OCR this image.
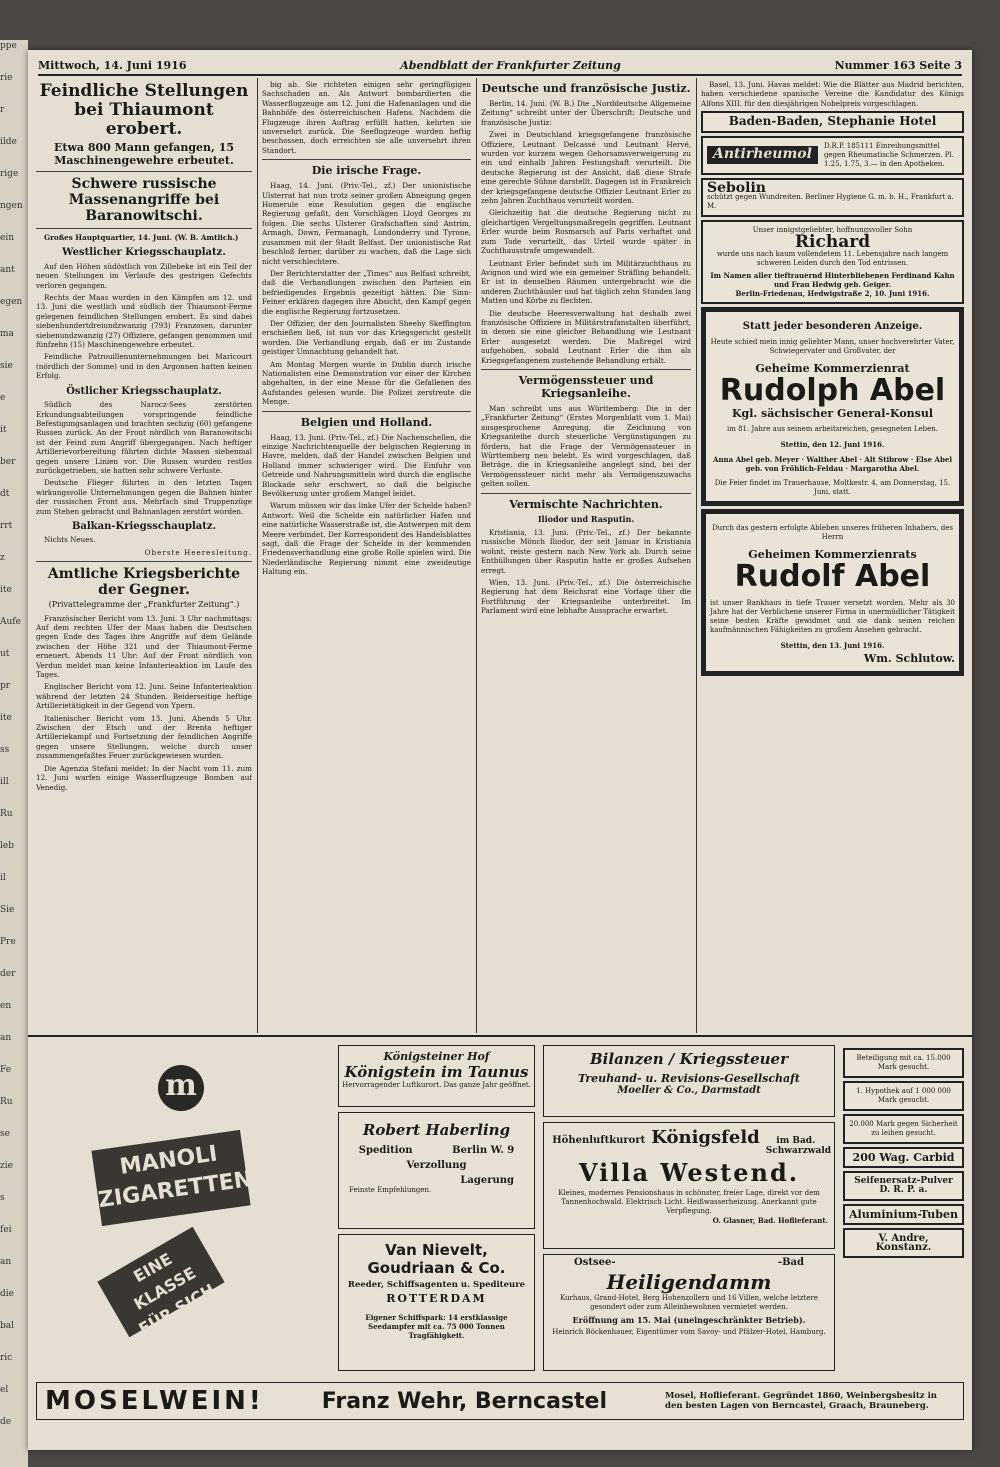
ppe
rie
r
ilde
rige
ngen
ein
ant
egen
ma
sie
e
it
ber
dt
rrt
z
ite
Aufe
ut
pr
ite
ss
ill
Ru
leb
il
Sie
Pre
der
en
an
Fe
Ru
se
zie
s
fei
an
die
bal
ric
el
de
Mittwoch, 14. Juni 1916	Abendblatt der Frankfurter Zeitung	Nummer 163 Seite 3
Feindliche Stellungen bei Thiaumont erobert.
Etwa 800 Mann gefangen, 15 Maschinengewehre erbeutet.
Schwere russische Massenangriffe bei Baranowitschi.

Großes Hauptquartier, 14. Juni. (W. B. Amtlich.)

Westlicher Kriegsschauplatz.

Auf den Höhen südöstlich von Zillebeke ist ein Teil der neuen Stellungen im Verlaufe des gestrigen Gefechts verloren gegangen.

Rechts der Maas wurden in den Kämpfen am 12. und 13. Juni die westlich und südlich der Thiaumont-Ferme gelegenen feindlichen Stellungen erobert. Es sind dabei siebenhundertdreiundzwanzig (793) Franzosen, darunter siebenundzwanzig (27) Offiziere, gefangen genommen und fünfzehn (15) Maschinengewehre erbeutet.

Feindliche Patrouillenunternehmungen bei Maricourt (nördlich der Somme) und in den Argonnen hatten keinen Erfolg.

Östlicher Kriegsschauplatz.

Südlich des Narocz-Sees zerstörten Erkundungsabteilungen vorspringende feindliche Befestigungsanlagen und brachten sechzig (60) gefangene Russen zurück. An der Front nördlich von Baranowitschi ist der Feind zum Angriff übergegangen. Nach heftiger Artillerievorbereitung führten dichte Massen siebenmal gegen unsere Linien vor. Die Russen wurden restlos zurückgetrieben, sie hatten sehr schwere Verluste.

Deutsche Flieger führten in den letzten Tagen wirkungsvolle Unternehmungen gegen die Bahnen hinter der russischen Front aus. Mehrfach sind Truppenzüge zum Stehen gebracht und Bahnanlagen zerstört worden.

Balkan-Kriegsschauplatz.

Nichts Neues.

Oberste Heeresleitung.

Amtliche Kriegsberichte der Gegner.
(Privattelegramme der „Frankfurter Zeitung“.)

Französischer Bericht vom 13. Juni. 3 Uhr nachmittags: Auf dem rechten Ufer der Maas haben die Deutschen gegen Ende des Tages ihre Angriffe auf dem Gelände zwischen der Höhe 321 und der Thiaumont-Ferme erneuert. Abends 11 Uhr: Auf der Front nördlich von Verdun meldet man keine Infanterieaktion im Laufe des Tages.

Englischer Bericht vom 12. Juni. Seine Infanterieaktion während der letzten 24 Stunden. Beiderseitige heftige Artillerietätigkeit in der Gegend von Ypern.

Italienischer Bericht vom 13. Juni. Abends 5 Uhr. Zwischen der Etsch und der Brenta heftiger Artilleriekampf und Fortsetzung der feindlichen Angriffe gegen unsere Stellungen, welche durch unser zusammengefaßtes Feuer zurückgewiesen wurden.

Die Agenzia Stefani meldet: In der Nacht vom 11. zum 12. Juni warfen einige Wasserflugzeuge Bomben auf Venedig.

big ab. Sie richteten einigen sehr geringfügigen Sachschaden an. Als Antwort bombardierten die Wasserflugzeuge am 12. Juni die Hafenanlagen und die Bahnhöfe des österreichischen Hafens. Nachdem die Flugzeuge ihren Auftrag erfüllt hatten, kehrten sie unversehrt zurück. Die Seeflugzeuge wurden heftig beschossen, doch erreichten sie alle unversehrt ihren Standort.

Die irische Frage.

Haag, 14. Juni. (Priv.-Tel., zf.) Der unionistische Ulsterrat hat nun trotz seiner großen Abneigung gegen Homerule eine Resolution gegen die englische Regierung gefaßt, den Vorschlägen Lloyd Georges zu folgen. Die sechs Ulsterer Grafschaften sind Antrim, Armagh, Down, Fermanagh, Londonderry und Tyrone, zusammen mit der Stadt Belfast. Der unionistische Rat beschloß ferner, darüber zu wachen, daß die Lage sich nicht verschlechtere.

Der Berichterstatter der „Times“ aus Belfast schreibt, daß die Verhandlungen zwischen den Parteien ein befriedigendes Ergebnis gezeitigt hätten. Die Sinn-Feiner erklären dagegen ihre Absicht, den Kampf gegen die englische Regierung fortzusetzen.

Der Offizier, der den Journalisten Sheehy Skeffington erschießen ließ, ist nun vor das Kriegsgericht gestellt worden. Die Verhandlung ergab, daß er im Zustande geistiger Umnachtung gehandelt hat.

Am Montag Morgen wurde in Dublin durch irische Nationalisten eine Demonstration vor einer der Kirchen abgehalten, in der eine Messe für die Gefallenen des Aufstandes gelesen wurde. Die Polizei zerstreute die Menge.

Belgien und Holland.

Haag, 13. Juni. (Priv.-Tel., zf.) Die Nachenschellen, die einzige Nachrichtenquelle der belgischen Regierung in Havre, melden, daß der Handel zwischen Belgien und Holland immer schwieriger wird. Die Einfuhr von Getreide und Nahrungsmitteln wird durch die englische Blockade sehr erschwert, so daß die belgische Bevölkerung unter großem Mangel leidet.

Warum müssen wir das linke Ufer der Schelde haben? Antwort: Weil die Schelde ein natürlicher Hafen und eine natürliche Wasserstraße ist, die Antwerpen mit dem Meere verbindet. Der Korrespondent des Handelsblattes sagt, daß die Frage der Schelde in der kommenden Friedensverhandlung eine große Rolle spielen wird. Die Niederländische Regierung nimmt eine zweideutige Haltung ein.

Deutsche und französische Justiz.

Berlin, 14. Juni. (W. B.) Die „Norddeutsche Allgemeine Zeitung“ schreibt unter der Überschrift: Deutsche und französische Justiz:

Zwei in Deutschland kriegsgefangene französische Offiziere, Leutnant Delcassé und Leutnant Hervé, wurden vor kurzem wegen Gehorsamsverweigerung zu ein und einhalb Jahren Festungshaft verurteilt. Die deutsche Regierung ist der Ansicht, daß diese Strafe eine gerechte Sühne darstellt. Dagegen ist in Frankreich der kriegsgefangene deutsche Offizier Leutnant Erler zu zehn Jahren Zuchthaus verurteilt worden.

Gleichzeitig hat die deutsche Regierung nicht zu gleichartigen Vergeltungsmaßregeln gegriffen. Leutnant Erler wurde beim Rosmarsch auf Paris verhaftet und zum Tode verurteilt, das Urteil wurde später in Zuchthausstrafe umgewandelt.

Leutnant Erler befindet sich im Militärzuchthaus zu Avignon und wird wie ein gemeiner Sträfling behandelt. Er ist in denselben Räumen untergebracht wie die anderen Zuchthäusler und hat täglich zehn Stunden lang Matten und Körbe zu flechten.

Die deutsche Heeresverwaltung hat deshalb zwei französische Offiziere in Militärstrafanstalten überführt, in denen sie eine gleicher Behandlung wie Leutnant Erler ausgesetzt werden. Die Maßregel wird aufgehoben, sobald Leutnant Erler die ihm als Kriegsgefangenem zustehende Behandlung erhält.

Vermögenssteuer und Kriegsanleihe.

Man schreibt uns aus Württemberg: Die in der „Frankfurter Zeitung“ (Erstes Morgenblatt vom 1. Mai) ausgesprochene Anregung, die Zeichnung von Kriegsanleihe durch steuerliche Vergünstigungen zu fördern, hat die Frage der Vermögenssteuer in Württemberg neu belebt. Es wird vorgeschlagen, daß Beträge, die in Kriegsanleihe angelegt sind, bei der Vermögenssteuer nicht mehr als Vermögenszuwachs gelten sollen.

Vermischte Nachrichten.
Iliodor und Rasputin.

Kristiania, 13. Juni. (Priv.-Tel., zf.) Der bekannte russische Mönch Iliodor, der seit Januar in Kristiania wohnt, reiste gestern nach New York ab. Durch seine Enthüllungen über Rasputin hatte er großes Aufsehen erregt.

Wien, 13. Juni. (Priv.-Tel., zf.) Die österreichische Regierung hat dem Reichsrat eine Vorlage über die Fortführung der Kriegsanleihe unterbreitet. Im Parlament wird eine lebhafte Aussprache erwartet.

Basel, 13. Juni. Havas meldet: Wie die Blätter aus Madrid berichten, haben verschiedene spanische Vereine die Kandidatur des Königs Alfons XIII. für den diesjährigen Nobelpreis vorgeschlagen.

Baden-Baden, Stephanie Hotel
Antirheumol
D.R.P. 185111 Einreibungsmittel gegen Rheumatische Schmerzen. Pl. 1.25, 1.75, 3.— in den Apotheken.
Sebolin
schützt gegen Wundreiten. Berliner Hygiene G. m. b. H., Frankfurt a. M.
Unser innigstgeliebter, hoffnungsvoller Sohn
Richard
wurde uns nach kaum vollendetem 11. Lebensjahre nach langem schweren Leiden durch den Tod entrissen.
Im Namen aller tieftrauernd Hinterbliebenen Ferdinand Kahn und Frau Hedwig geb. Geiger.
Berlin-Friedenau, Hedwigstraße 2, 10. Juni 1916.
Statt jeder besonderen Anzeige.
Heute schied mein innig geliebter Mann, unser hochverehrter Vater, Schwiegervater und Großvater, der
Geheime Kommerzienrat
Rudolph Abel
Kgl. sächsischer General-Konsul
im 81. Jahre aus seinem arbeitsreichen, gesegneten Leben.
Stettin, den 12. Juni 1916.
Anna Abel geb. Meyer · Walther Abel · Alt Stibrow · Else Abel geb. von Fröhlich-Feldau · Margarotha Abel.
Die Feier findet im Trauerhause, Moltkestr. 4, am Donnerstag, 15. Juni, statt.
Durch das gestern erfolgte Ableben unseres früheren Inhabers, des Herrn
Geheimen Kommerzienrats
Rudolf Abel
ist unser Bankhaus in tiefe Trauer versetzt worden. Mehr als 30 Jahre hat der Verblichene unserer Firma in unermüdlicher Tätigkeit seine besten Kräfte gewidmet und sie dank seinen reichen kaufmännischen Fähigkeiten zu großem Ansehen gebracht.
Stettin, den 13. Juni 1916.
Wm. Schlutow.
m
MANOLI ZIGARETTEN
EINE KLASSE FÜR SICH
Königsteiner Hof
Königstein im Taunus
Hervorragender Luftkurort. Das ganze Jahr geöffnet.
Robert Haberling
Spedition	Berlin W. 9
Verzollung
Lagerung
Feinste Empfehlungen.
Van Nievelt, Goudriaan & Co.
Reeder, Schiffsagenten u. Spediteure
ROTTERDAM
Eigener Schiffspark: 14 erstklassige Seedampfer mit ca. 75 000 Tonnen Tragfähigkeit.
Bilanzen / Kriegssteuer
Treuhand- u. Revisions-Gesellschaft
Moeller & Co., Darmstadt
Höhenluftkurort Königsfeld	im Bad. Schwarzwald
Villa Westend.
Kleines, modernes Pensionshaus in schönster, freier Lage, direkt vor dem Tannenhochwald. Elektrisch Licht. Heißwasserheizung. Anerkannt gute Verpflegung.
O. Glasner, Bad. Hoflieferant.
Ostsee-	-Bad
Heiligendamm
Kurhaus, Grand-Hotel, Berg Hohenzollern und 16 Villen, welche letztere gesondert oder zum Alleinbewohnen vermietet werden.
Eröffnung am 15. Mai (uneingeschränkter Betrieb).
Heinrich Böckenhauer, Eigentümer vom Savoy- und Pfälzer-Hotel, Hamburg.
Beteiligung mit ca. 15.000 Mark gesucht.
1. Hypothek auf 1 000 000 Mark gesucht.
20.000 Mark gegen Sicherheit zu leihen gesucht.
200 Wag. Carbid
Seifenersatz-Pulver D. R. P. a.
Aluminium-Tuben
V. Andre, Konstanz.
MOSELWEIN!	Franz Wehr, Berncastel	Mosel, Hoflieferant. Gegründet 1860, Weinbergsbesitz in den besten Lagen von Berncastel, Graach, Brauneberg.
